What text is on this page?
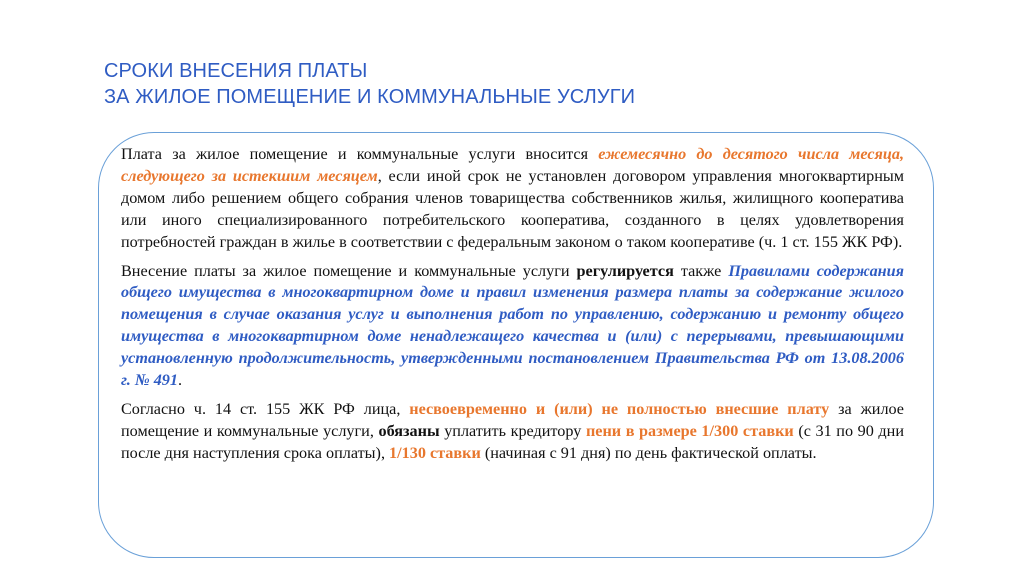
СРОКИ ВНЕСЕНИЯ ПЛАТЫ
ЗА ЖИЛОЕ ПОМЕЩЕНИЕ И КОММУНАЛЬНЫЕ УСЛУГИ

Плата за жилое помещение и коммунальные услуги вносится ежемесячно до десятого числа месяца, следующего за истекшим месяцем, если иной срок не установлен договором управления многоквартирным домом либо решением общего собрания членов товарищества собственников жилья, жилищного кооператива или иного специализированного потребительского кооператива, созданного в целях удовлетворения потребностей граждан в жилье в соответствии с федеральным законом о таком кооперативе (ч. 1 ст. 155 ЖК РФ).

Внесение платы за жилое помещение и коммунальные услуги регулируется также Правилами содержания общего имущества в многоквартирном доме и правил изменения размера платы за содержание жилого помещения в случае оказания услуг и выполнения работ по управлению, содержанию и ремонту общего имущества в многоквартирном доме ненадлежащего качества и (или) с перерывами, превышающими установленную продолжительность, утвержденными постановлением Правительства РФ от 13.08.2006 г. № 491.

Согласно ч. 14 ст. 155 ЖК РФ лица, несвоевременно и (или) не полностью внесшие плату за жилое помещение и коммунальные услуги, обязаны уплатить кредитору пени в размере 1/300 ставки (с 31 по 90 дни после дня наступления срока оплаты), 1/130 ставки (начиная с 91 дня) по день фактической оплаты.
